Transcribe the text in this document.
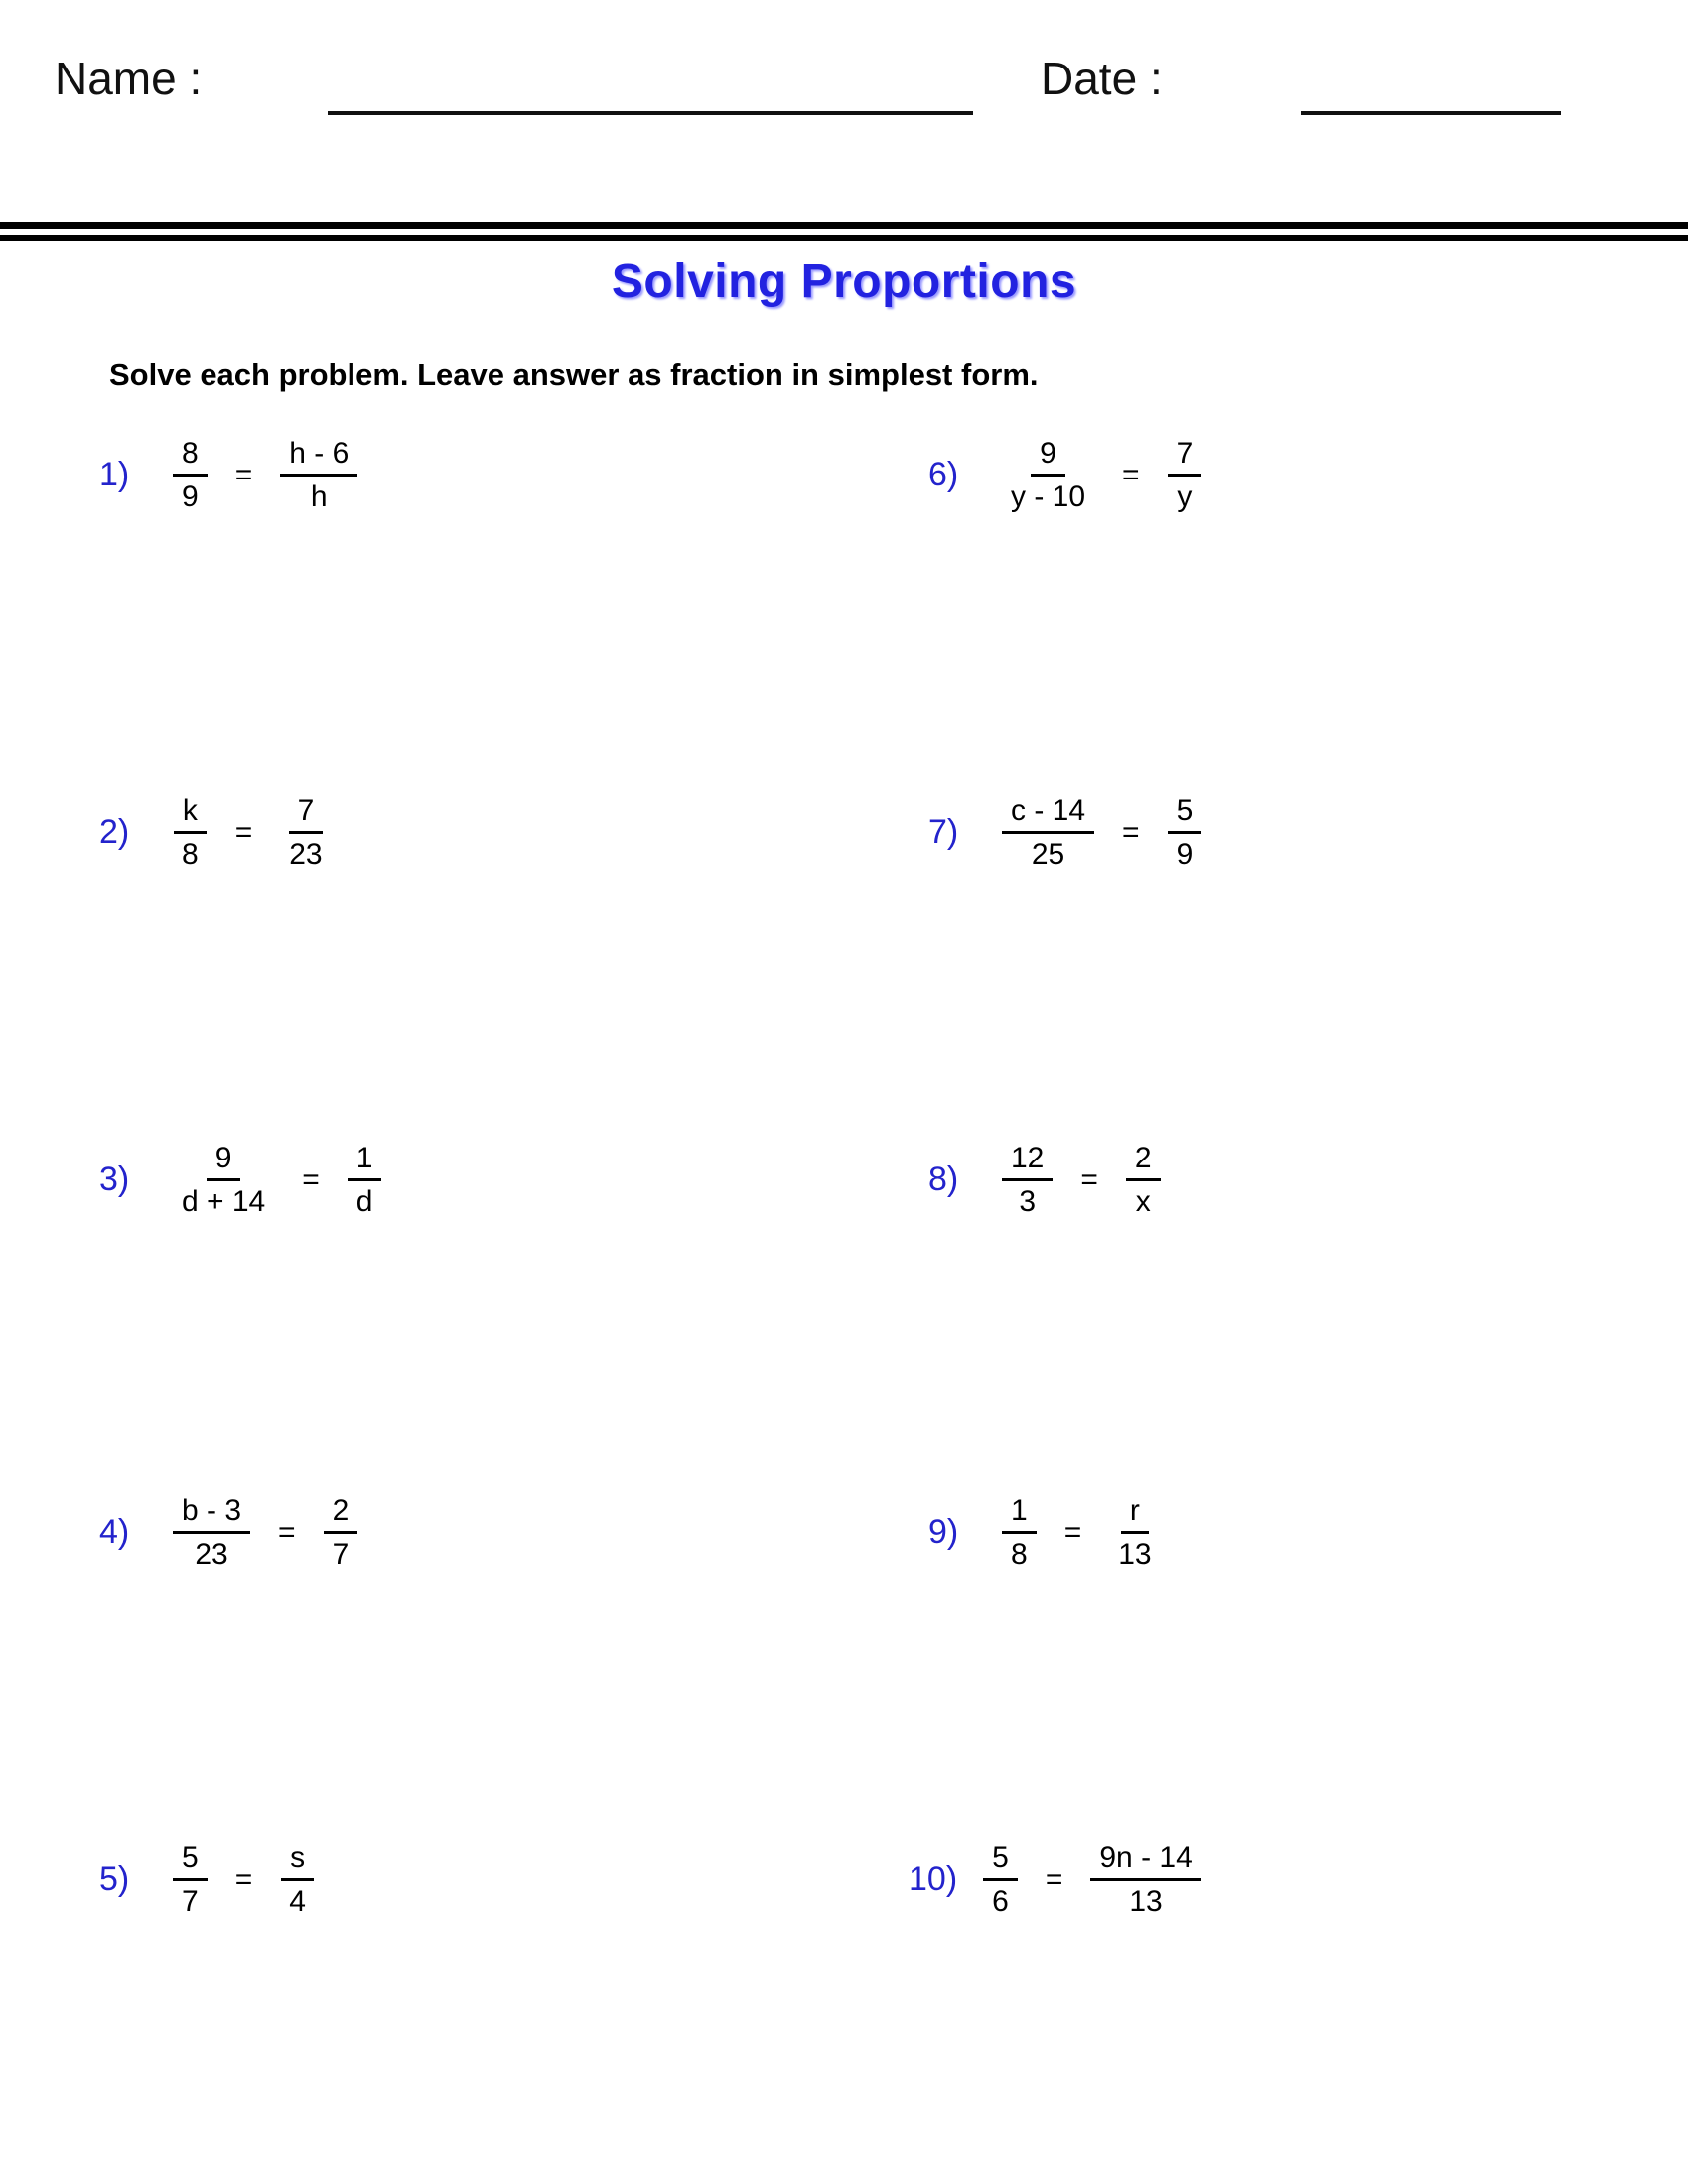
Name :	Date :
Solving Proportions
Solve each problem. Leave answer as fraction in simplest form.
1)	$\frac{8}{9} = \frac{h - 6}{h}$
2)	$\frac{k}{8} = \frac{7}{23}$
3)	$\frac{9}{d + 14} = \frac{1}{d}$
4)	$\frac{b - 3}{23} = \frac{2}{7}$
5)	$\frac{5}{7} = \frac{s}{4}$
6)	$\frac{9}{y - 10} = \frac{7}{y}$
7)	$\frac{c - 14}{25} = \frac{5}{9}$
8)	$\frac{12}{3} = \frac{2}{x}$
9)	$\frac{1}{8} = \frac{r}{13}$
$10) \frac{5}{6} = \frac{9n - 14}{13}$
